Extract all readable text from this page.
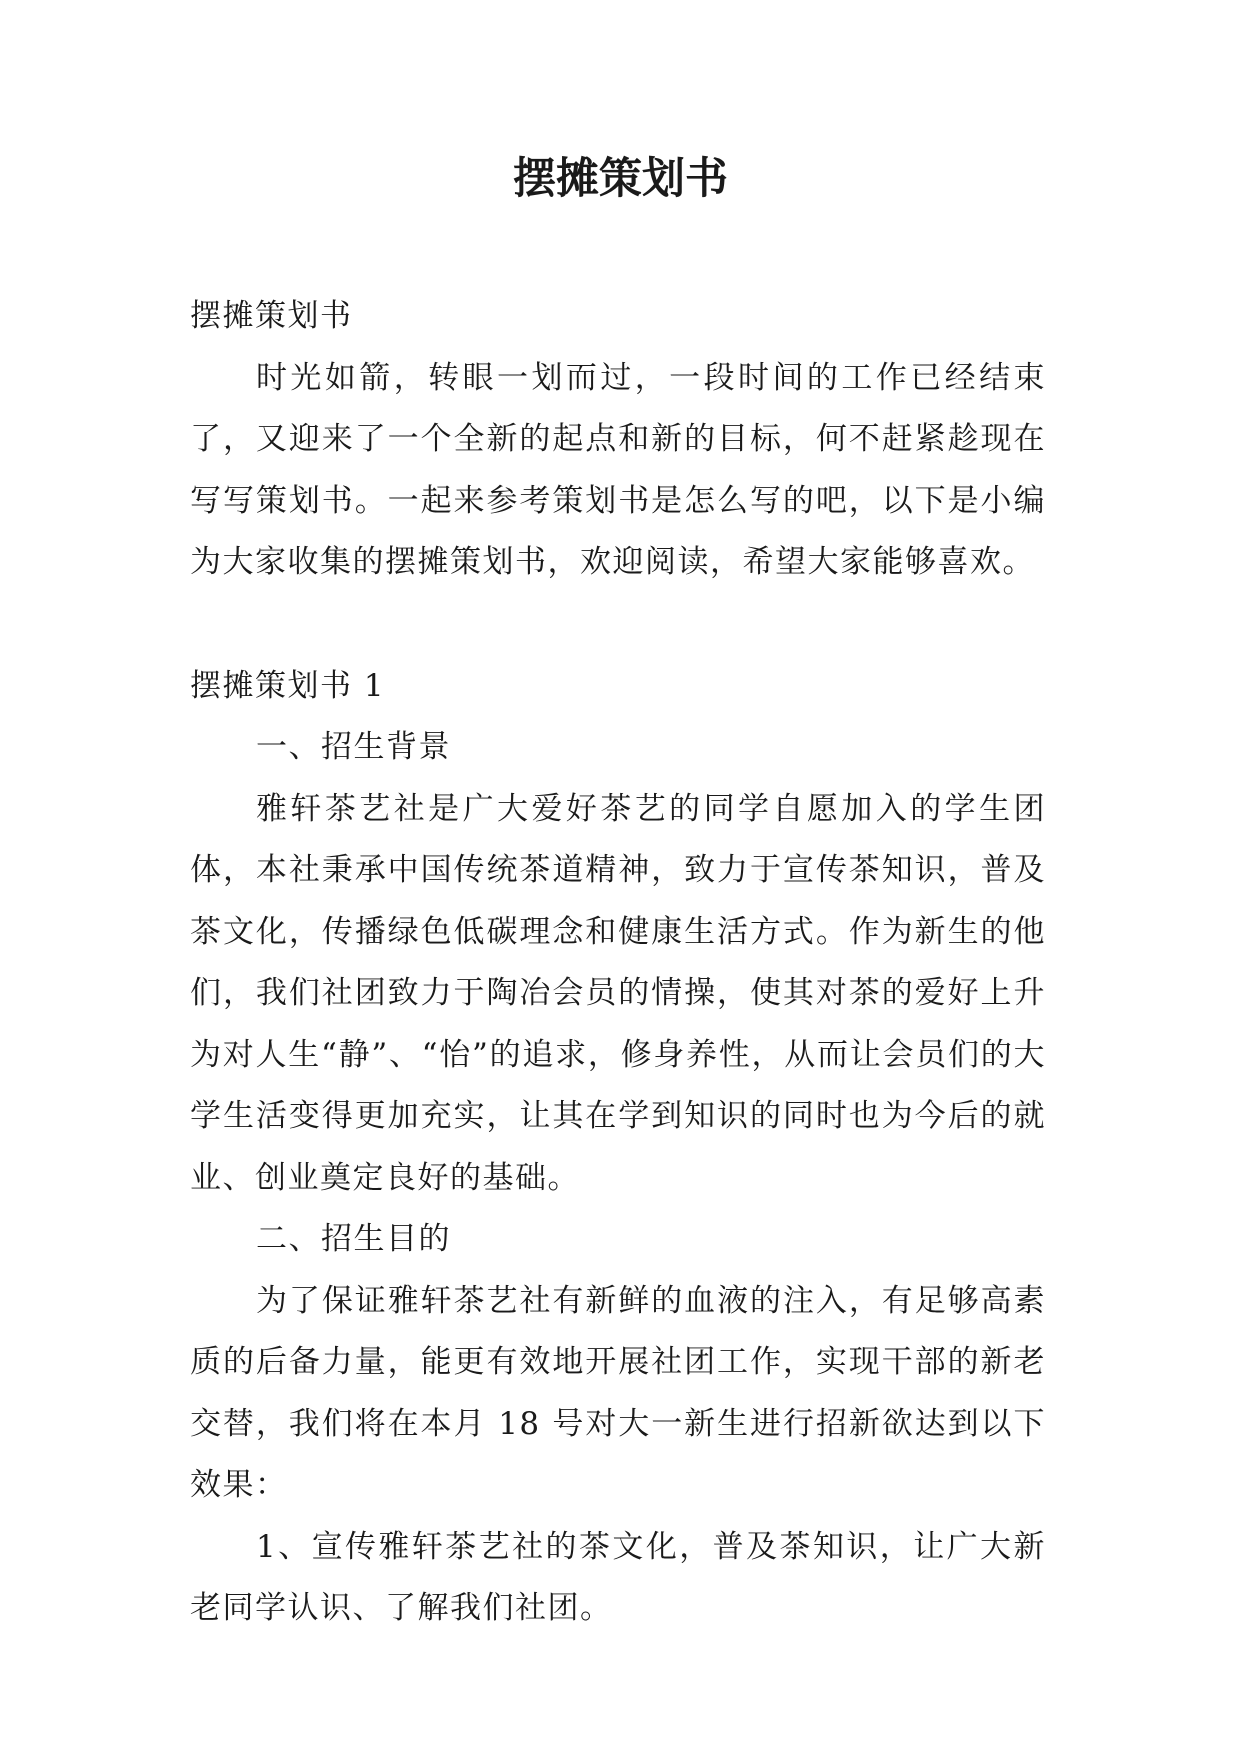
摆摊策划书

摆摊策划书

时光如箭，转眼一划而过，一段时间的工作已经结束了，又迎来了一个全新的起点和新的目标，何不赶紧趁现在写写策划书。一起来参考策划书是怎么写的吧，以下是小编为大家收集的摆摊策划书，欢迎阅读，希望大家能够喜欢。

摆摊策划书 1

一、招生背景

雅轩茶艺社是广大爱好茶艺的同学自愿加入的学生团体，本社秉承中国传统茶道精神，致力于宣传茶知识，普及茶文化，传播绿色低碳理念和健康生活方式。作为新生的他们，我们社团致力于陶冶会员的情操，使其对茶的爱好上升为对人生“静”、“怡”的追求，修身养性，从而让会员们的大学生活变得更加充实，让其在学到知识的同时也为今后的就业、创业奠定良好的基础。

二、招生目的

为了保证雅轩茶艺社有新鲜的血液的注入，有足够高素质的后备力量，能更有效地开展社团工作，实现干部的新老交替，我们将在本月 18 号对大一新生进行招新欲达到以下效果：

1、宣传雅轩茶艺社的茶文化，普及茶知识，让广大新老同学认识、了解我们社团。
